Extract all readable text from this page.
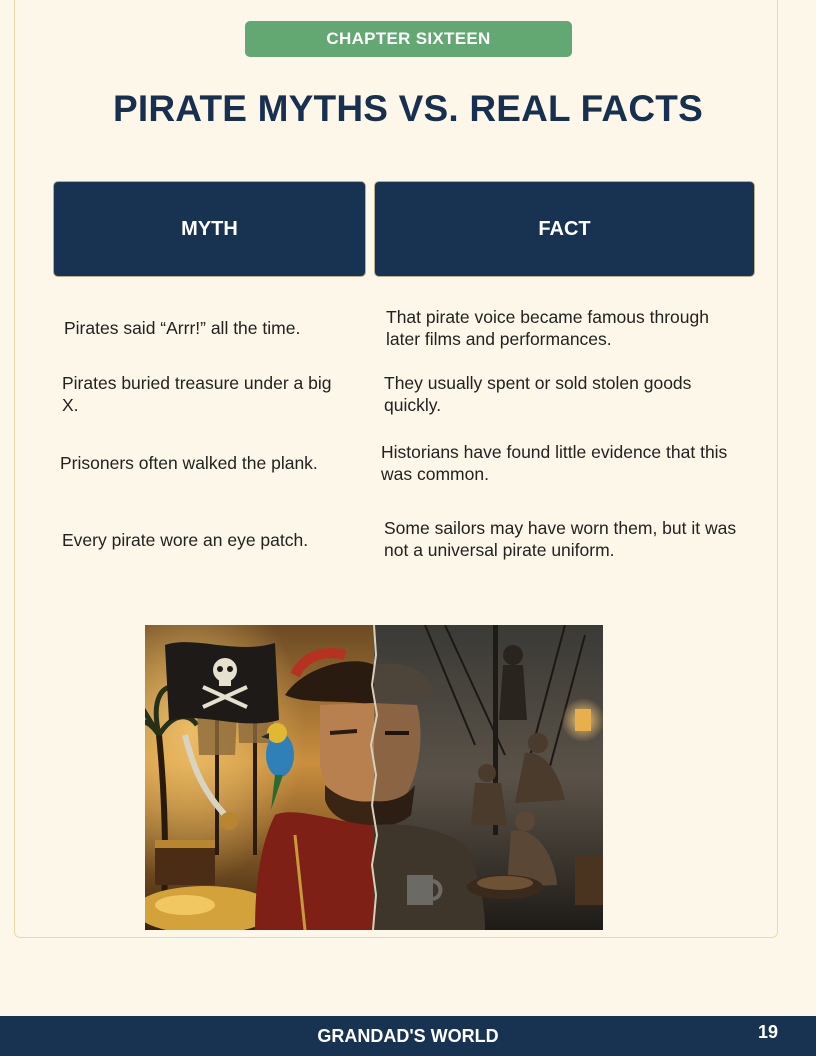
CHAPTER SIXTEEN
PIRATE MYTHS VS. REAL FACTS
MYTH	FACT
Pirates said “Arrr!” all the time.
That pirate voice became famous through later films and performances.
Pirates buried treasure under a big X.
They usually spent or sold stolen goods quickly.
Prisoners often walked the plank.
Historians have found little evidence that this was common.
Every pirate wore an eye patch.
Some sailors may have worn them, but it was not a universal pirate uniform.
GRANDAD'S WORLD	19
